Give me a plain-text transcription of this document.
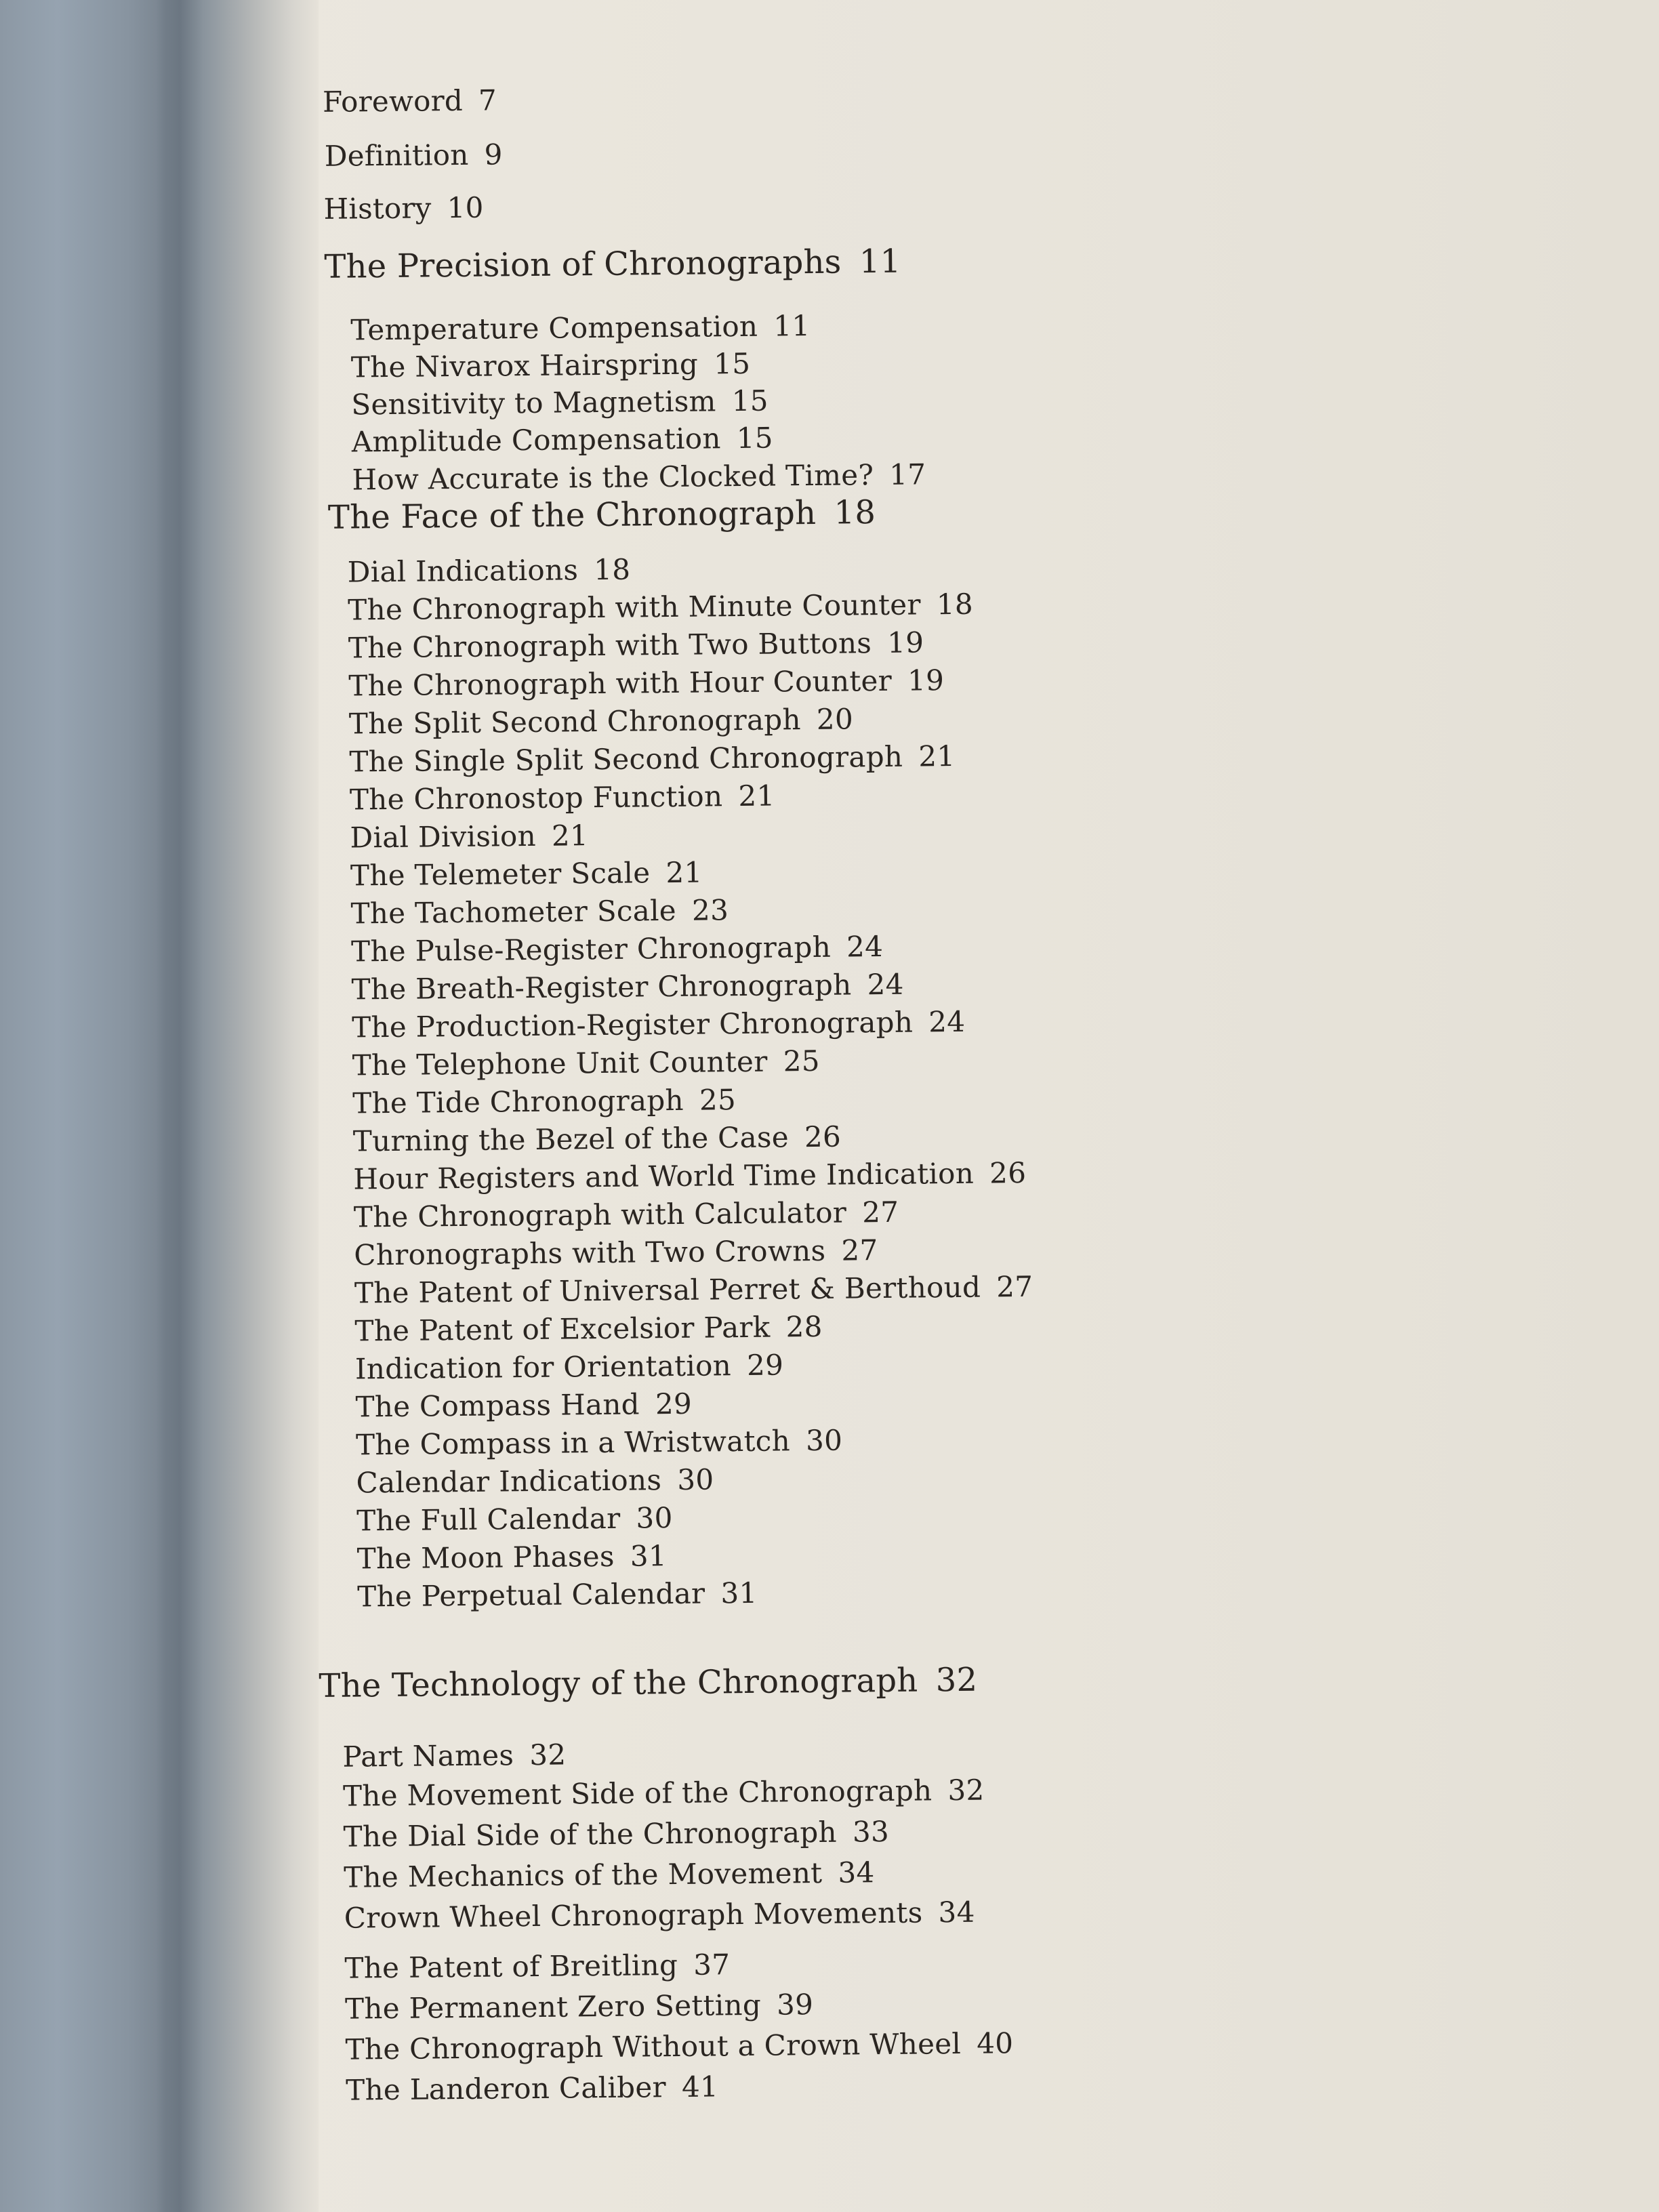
Foreword 7
Definition 9
History 10
The Precision of Chronographs 11
Temperature Compensation 11
The Nivarox Hairspring 15
Sensitivity to Magnetism 15
Amplitude Compensation 15
How Accurate is the Clocked Time? 17
The Face of the Chronograph 18
Dial Indications 18
The Chronograph with Minute Counter 18
The Chronograph with Two Buttons 19
The Chronograph with Hour Counter 19
The Split Second Chronograph 20
The Single Split Second Chronograph 21
The Chronostop Function 21
Dial Division 21
The Telemeter Scale 21
The Tachometer Scale 23
The Pulse-Register Chronograph 24
The Breath-Register Chronograph 24
The Production-Register Chronograph 24
The Telephone Unit Counter 25
The Tide Chronograph 25
Turning the Bezel of the Case 26
Hour Registers and World Time Indication 26
The Chronograph with Calculator 27
Chronographs with Two Crowns 27
The Patent of Universal Perret & Berthoud 27
The Patent of Excelsior Park 28
Indication for Orientation 29
The Compass Hand 29
The Compass in a Wristwatch 30
Calendar Indications 30
The Full Calendar 30
The Moon Phases 31
The Perpetual Calendar 31
The Technology of the Chronograph 32
Part Names 32
The Movement Side of the Chronograph 32
The Dial Side of the Chronograph 33
The Mechanics of the Movement 34
Crown Wheel Chronograph Movements 34
The Patent of Breitling 37
The Permanent Zero Setting 39
The Chronograph Without a Crown Wheel 40
The Landeron Caliber 41
